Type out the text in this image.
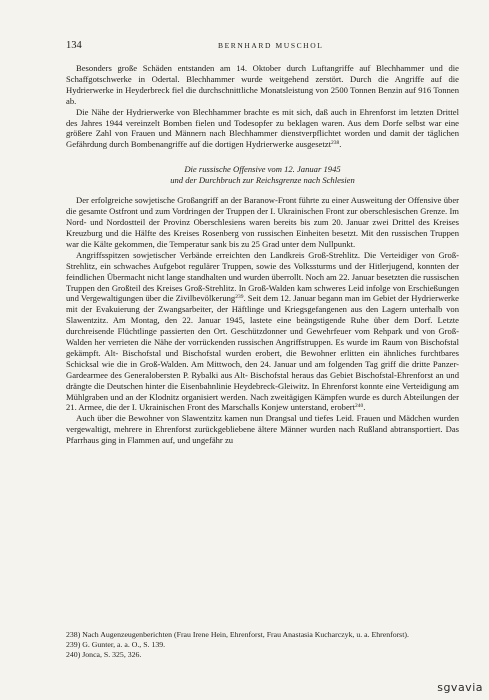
134	BERNHARD MUSCHOL

Besonders große Schäden entstanden am 14. Oktober durch Luftangriffe auf Blechhammer und die Schaffgotschwerke in Odertal. Blechhammer wurde weitgehend zerstört. Durch die Angriffe auf die Hydrierwerke in Heyderbreck fiel die durchschnittliche Monatsleistung von 2500 Tonnen Benzin auf 916 Tonnen ab.

Die Nähe der Hydrierwerke von Blechhammer brachte es mit sich, daß auch in Ehrenforst im letzten Drittel des Jahres 1944 vereinzelt Bomben fielen und Todesopfer zu beklagen waren. Aus dem Dorfe selbst war eine größere Zahl von Frauen und Männern nach Blechhammer dienstverpflichtet worden und damit der täglichen Gefährdung durch Bombenangriffe auf die dortigen Hydrierwerke ausgesetzt$^{238}$.

Die russische Offensive vom 12. Januar 1945
und der Durchbruch zur Reichsgrenze nach Schlesien

Der erfolgreiche sowjetische Großangriff an der Baranow-Front führte zu einer Ausweitung der Offensive über die gesamte Ostfront und zum Vordringen der Truppen der I. Ukrainischen Front zur oberschlesischen Grenze. Im Nord- und Nordostteil der Provinz Oberschlesiens waren bereits bis zum 20. Januar zwei Drittel des Kreises Kreuzburg und die Hälfte des Kreises Rosenberg von russischen Einheiten besetzt. Mit den russischen Truppen war die Kälte gekommen, die Temperatur sank bis zu 25 Grad unter dem Nullpunkt.

Angriffsspitzen sowjetischer Verbände erreichten den Landkreis Groß-Strehlitz. Die Verteidiger von Groß-Strehlitz, ein schwaches Aufgebot regulärer Truppen, sowie des Volkssturms und der Hitlerjugend, konnten der feindlichen Übermacht nicht lange standhalten und wurden überrollt. Noch am 22. Januar besetzten die russischen Truppen den Großteil des Kreises Groß-Strehlitz. In Groß-Walden kam schweres Leid infolge von Erschießungen und Vergewaltigungen über die Zivilbevölkerung$^{239}$. Seit dem 12. Januar begann man im Gebiet der Hydrierwerke mit der Evakuierung der Zwangsarbeiter, der Häftlinge und Kriegsgefangenen aus den Lagern unterhalb von Slawentzitz. Am Montag, den 22. Januar 1945, lastete eine beängstigende Ruhe über dem Dorf. Letzte durchreisende Flüchtlinge passierten den Ort. Geschützdonner und Gewehrfeuer vom Rehpark und von Groß-Walden her verrieten die Nähe der vorrückenden russischen Angriffstruppen. Es wurde im Raum von Bischofstal gekämpft. Alt- Bischofstal und Bischofstal wurden erobert, die Bewohner erlitten ein ähnliches furchtbares Schicksal wie die in Groß-Walden. Am Mittwoch, den 24. Januar und am folgenden Tag griff die dritte Panzer-Gardearmee des Generalobersten P. Rybalki aus Alt- Bischofstal heraus das Gebiet Bischofstal-Ehrenforst an und drängte die Deutschen hinter die Eisenbahnlinie Heydebreck-Gleiwitz. In Ehrenforst konnte eine Verteidigung am Mühlgraben und an der Klodnitz organisiert werden. Nach zweitägigen Kämpfen wurde es durch Abteilungen der 21. Armee, die der I. Ukrainischen Front des Marschalls Konjew unterstand, erobert$^{240}$.

Auch über die Bewohner von Slawentzitz kamen nun Drangsal und tiefes Leid. Frauen und Mädchen wurden vergewaltigt, mehrere in Ehrenforst zurückgebliebene ältere Männer wurden nach Rußland abtransportiert. Das Pfarrhaus ging in Flammen auf, und ungefähr zu

238) Nach Augenzeugenberichten (Frau Irene Hein, Ehrenforst, Frau Anastasia Kucharczyk, u. a. Ehrenforst).
239) G. Gunter, a. a. O., S. 139.
240) Jonca, S. 325, 326.
sgvavia
